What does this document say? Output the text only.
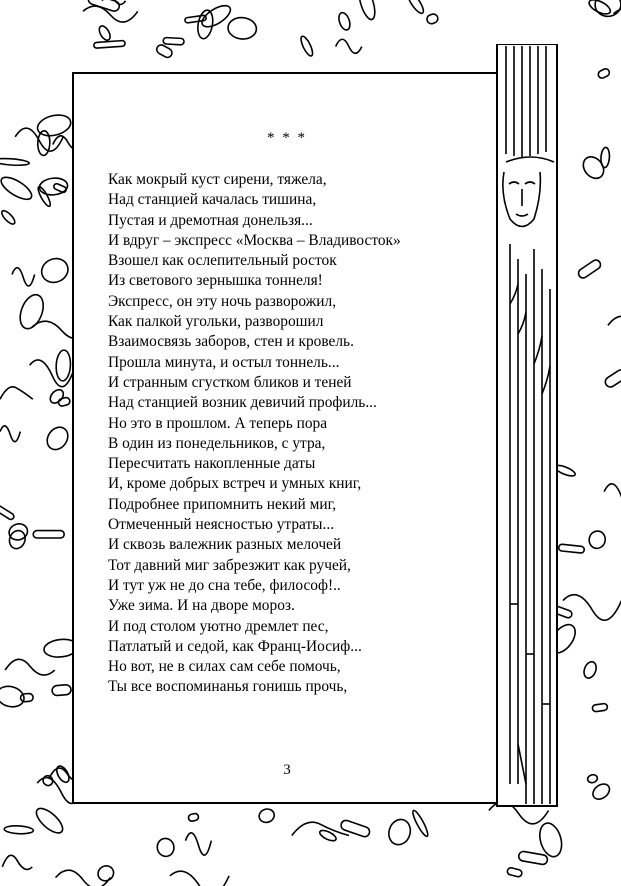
* * *
Как мокрый куст сирени, тяжела,
Над станцией качалась тишина,
Пустая и дремотная донельзя...
И вдруг – экспресс «Москва – Владивосток»
Взошел как ослепительный росток
Из светового зернышка тоннеля!
Экспресс, он эту ночь разворожил,
Как палкой угольки, разворошил
Взаимосвязь заборов, стен и кровель.
Прошла минута, и остыл тоннель...
И странным сгустком бликов и теней
Над станцией возник девичий профиль...
Но это в прошлом. А теперь пора
В один из понедельников, с утра,
Пересчитать накопленные даты
И, кроме добрых встреч и умных книг,
Подробнее припомнить некий миг,
Отмеченный неясностью утраты...
И сквозь валежник разных мелочей
Тот давний миг забрезжит как ручей,
И тут уж не до сна тебе, философ!..
Уже зима. И на дворе мороз.
И под столом уютно дремлет пес,
Патлатый и седой, как Франц-Иосиф...
Но вот, не в силах сам себе помочь,
Ты все воспоминанья гонишь прочь,
3
